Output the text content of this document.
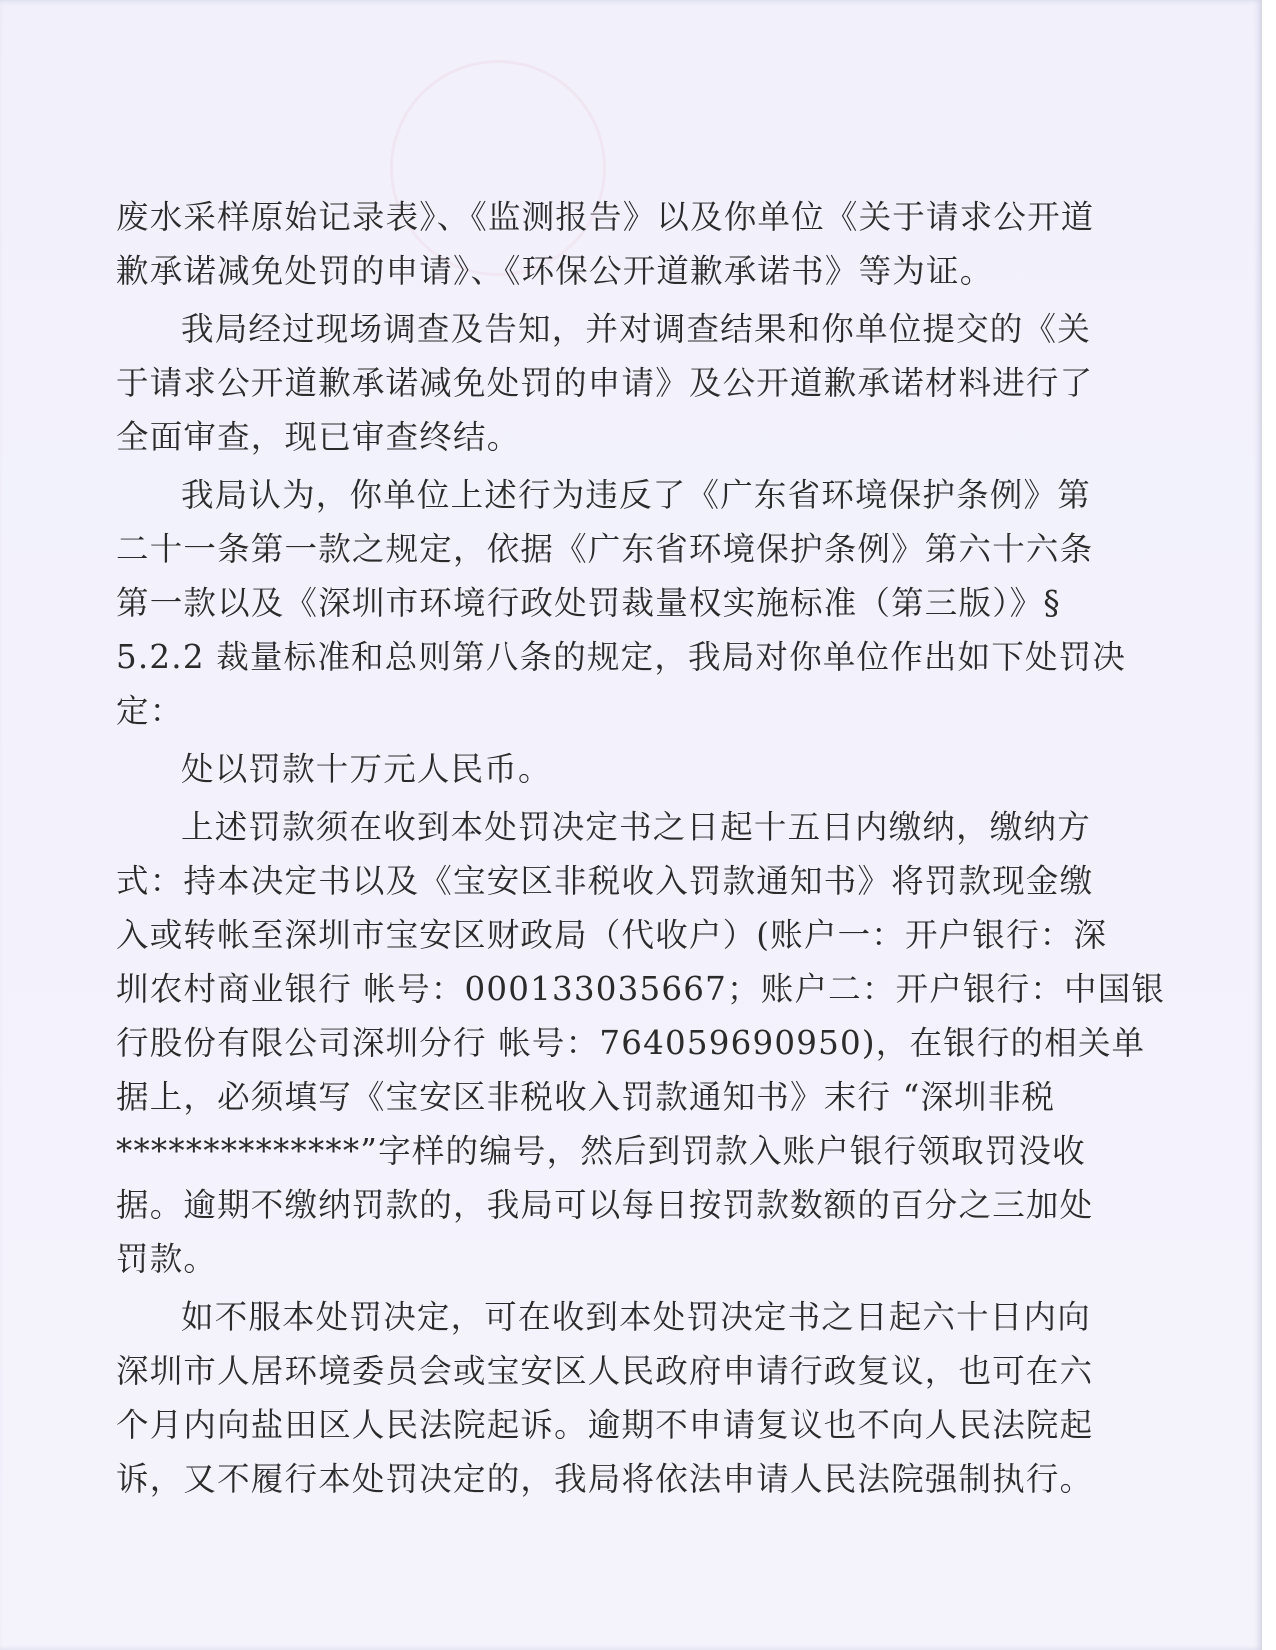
废水采样原始记录表》、《监测报告》以及你单位《关于请求公开道
歉承诺减免处罚的申请》、《环保公开道歉承诺书》等为证。
我局经过现场调查及告知，并对调查结果和你单位提交的《关
于请求公开道歉承诺减免处罚的申请》及公开道歉承诺材料进行了
全面审查，现已审查终结。
我局认为，你单位上述行为违反了《广东省环境保护条例》第
二十一条第一款之规定，依据《广东省环境保护条例》第六十六条
第一款以及《深圳市环境行政处罚裁量权实施标准（第三版）》§
5.2.2 裁量标准和总则第八条的规定，我局对你单位作出如下处罚决
定：
处以罚款十万元人民币。
上述罚款须在收到本处罚决定书之日起十五日内缴纳，缴纳方
式：持本决定书以及《宝安区非税收入罚款通知书》将罚款现金缴
入或转帐至深圳市宝安区财政局（代收户）(账户一：开户银行：深
圳农村商业银行 帐号：000133035667；账户二：开户银行：中国银
行股份有限公司深圳分行 帐号：764059690950)，在银行的相关单
据上，必须填写《宝安区非税收入罚款通知书》末行 “深圳非税
**************”字样的编号，然后到罚款入账户银行领取罚没收
据。逾期不缴纳罚款的，我局可以每日按罚款数额的百分之三加处
罚款。
如不服本处罚决定，可在收到本处罚决定书之日起六十日内向
深圳市人居环境委员会或宝安区人民政府申请行政复议，也可在六
个月内向盐田区人民法院起诉。逾期不申请复议也不向人民法院起
诉，又不履行本处罚决定的，我局将依法申请人民法院强制执行。
